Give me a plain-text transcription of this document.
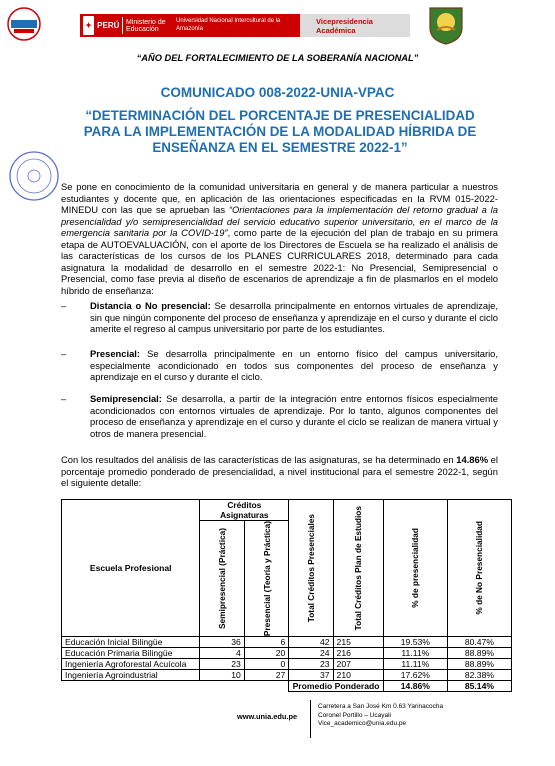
✦ PERÚ Ministerio de Educación
Universidad Nacional Intercultural de la Amazonía
Vicepresidencia Académica
“AÑO DEL FORTALECIMIENTO DE LA SOBERANÍA NACIONAL”
COMUNICADO 008-2022-UNIA-VPAC
“DETERMINACIÓN DEL PORCENTAJE DE PRESENCIALIDAD PARA LA IMPLEMENTACIÓN DE LA MODALIDAD HÍBRIDA DE ENSEÑANZA EN EL SEMESTRE 2022-1”
Se pone en conocimiento de la comunidad universitaria en general y de manera particular a nuestros estudiantes y docente que, en aplicación de las orientaciones especificadas en la RVM 015-2022-MINEDU con las que se aprueban las “Orientaciones para la implementación del retorno gradual a la presencialidad y/o semipresencialidad del servicio educativo superior universitario, en el marco de la emergencia sanitaria por la COVID-19”, como parte de la ejecución del plan de trabajo en su primera etapa de AUTOEVALUACIÓN, con el aporte de los Directores de Escuela se ha realizado el análisis de las características de los cursos de los PLANES CURRICULARES 2018, determinado para cada asignatura la modalidad de desarrollo en el semestre 2022-1: No Presencial, Semipresencial o Presencial, como fase previa al diseño de escenarios de aprendizaje a fin de plasmarlos en el modelo híbrido de enseñanza:
–	Distancia o No presencial: Se desarrolla principalmente en entornos virtuales de aprendizaje, sin que ningún componente del proceso de enseñanza y aprendizaje en el curso y durante el ciclo amerite el regreso al campus universitario por parte de los estudiantes.
–	Presencial: Se desarrolla principalmente en un entorno físico del campus universitario, especialmente acondicionado en todos sus componentes del proceso de enseñanza y aprendizaje en el curso y durante el ciclo.
–	Semipresencial: Se desarrolla, a partir de la integración entre entornos físicos especialmente acondicionados con entornos virtuales de aprendizaje. Por lo tanto, algunos componentes del proceso de enseñanza y aprendizaje en el curso y durante el ciclo se realizan de manera virtual y otros de manera presencial.
Con los resultados del análisis de las características de las asignaturas, se ha determinado en 14.86% el porcentaje promedio ponderado de presencialidad, a nivel institucional para el semestre 2022-1, según el siguiente detalle:
Escuela Profesional	Créditos Asignaturas		Total Créditos Presenciales	Total Créditos Plan de Estudios	% de presencialidad	% de No Presencialidad

	Semipresencial (Práctica)	Presencial (Teoría y Práctica)				

Educación Inicial Bilingüe	36	6	42	215	19.53%	80.47%
Educación Primaria Bilingüe	4	20	24	216	11.11%	88.89%
Ingeniería Agroforestal Acuícola	23	0	23	207	11.11%	88.89%
Ingeniería Agroindustrial	10	27	37	210	17.62%	82.38%
			Promedio Ponderado		14.86%	85.14%
www.unia.edu.pe
Carretera a San José Km 0.63 Yarinacocha
Coronel Portillo – Ucayali
Vice_academico@unia.edu.pe
